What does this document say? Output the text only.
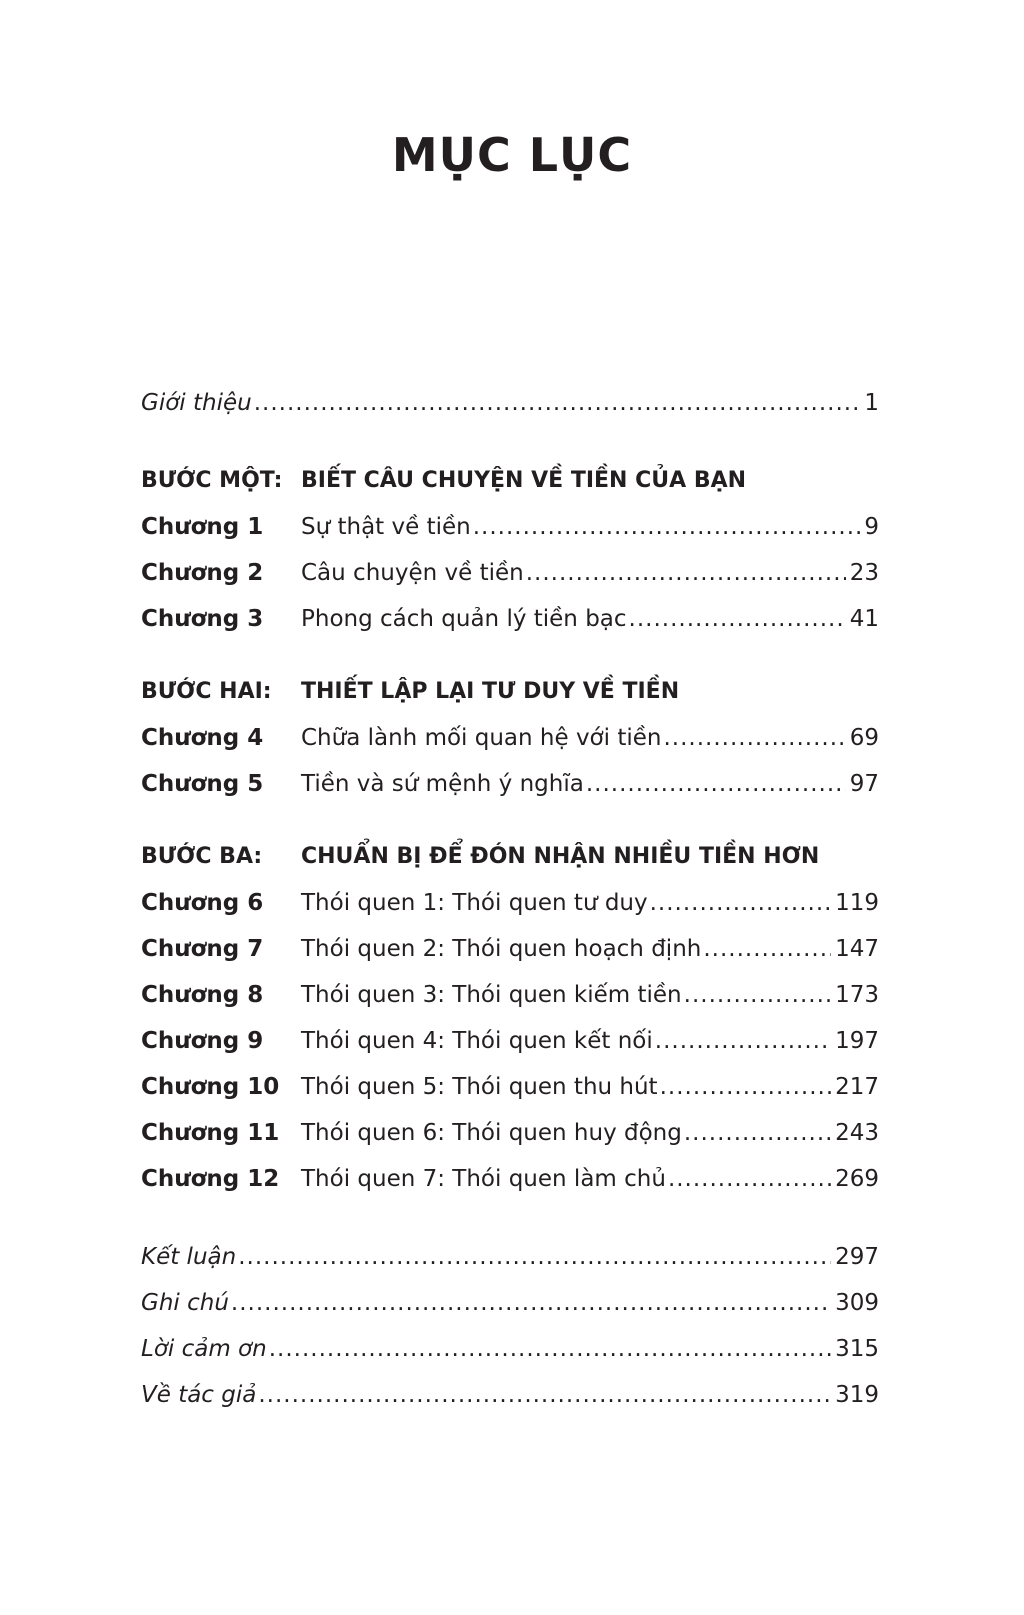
MỤC LỤC
Giới thiệu .....	1
BƯỚC MỘT: BIẾT CÂU CHUYỆN VỀ TIỀN CỦA BẠN
Chương 1	Sự thật về tiền .....	9
Chương 2	Câu chuyện về tiền .....	23
Chương 3	Phong cách quản lý tiền bạc .....	41
BƯỚC HAI:	THIẾT LẬP LẠI TƯ DUY VỀ TIỀN
Chương 4	Chữa lành mối quan hệ với tiền .....	69
Chương 5	Tiền và sứ mệnh ý nghĩa .....	97
BƯỚC BA:	CHUẨN BỊ ĐỂ ĐÓN NHẬN NHIỀU TIỀN HƠN
Chương 6	Thói quen 1: Thói quen tư duy .....	119
Chương 7	Thói quen 2: Thói quen hoạch định .....	147
Chương 8	Thói quen 3: Thói quen kiếm tiền .....	173
Chương 9	Thói quen 4: Thói quen kết nối .....	197
Chương 10 Thói quen 5: Thói quen thu hút .....	217
Chương 11 Thói quen 6: Thói quen huy động .....	243
Chương 12 Thói quen 7: Thói quen làm chủ .....	269
Kết luận .....	297
Ghi chú .....	309
Lời cảm ơn .....	315
Về tác giả .....	319
